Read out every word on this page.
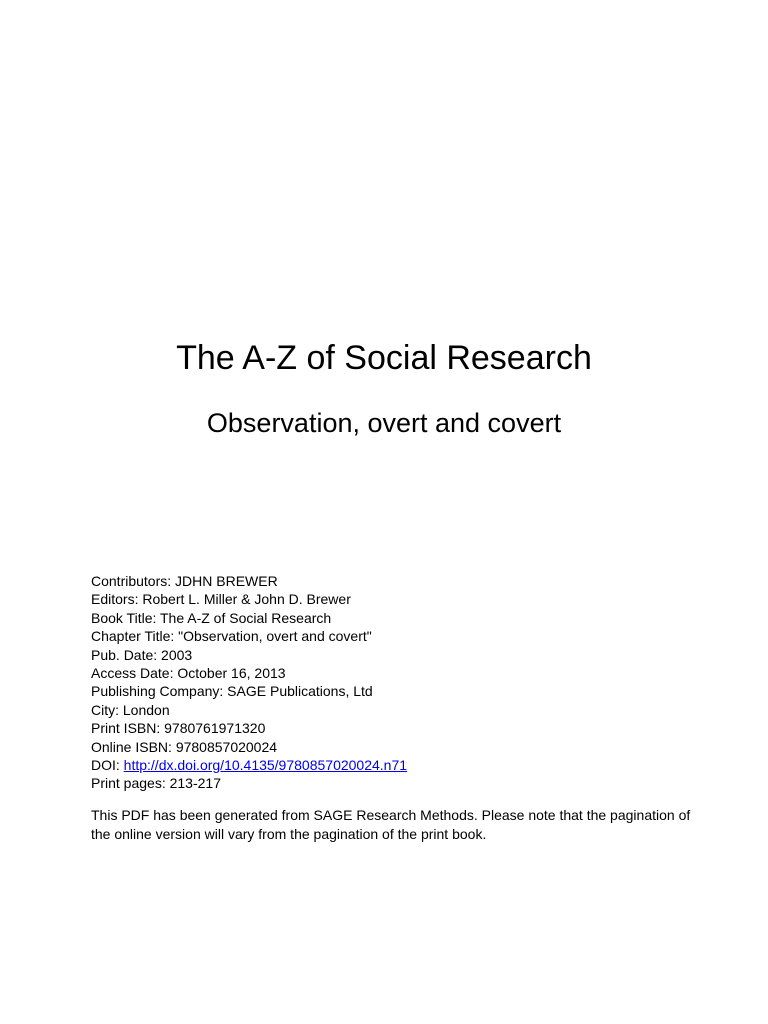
The A-Z of Social Research
Observation, overt and covert
Contributors: JDHN BREWER
Editors: Robert L. Miller & John D. Brewer
Book Title: The A-Z of Social Research
Chapter Title: "Observation, overt and covert"
Pub. Date: 2003
Access Date: October 16, 2013
Publishing Company: SAGE Publications, Ltd
City: London
Print ISBN: 9780761971320
Online ISBN: 9780857020024
DOI: http://dx.doi.org/10.4135/9780857020024.n71
Print pages: 213-217

This PDF has been generated from SAGE Research Methods. Please note that the pagination of the online version will vary from the pagination of the print book.
